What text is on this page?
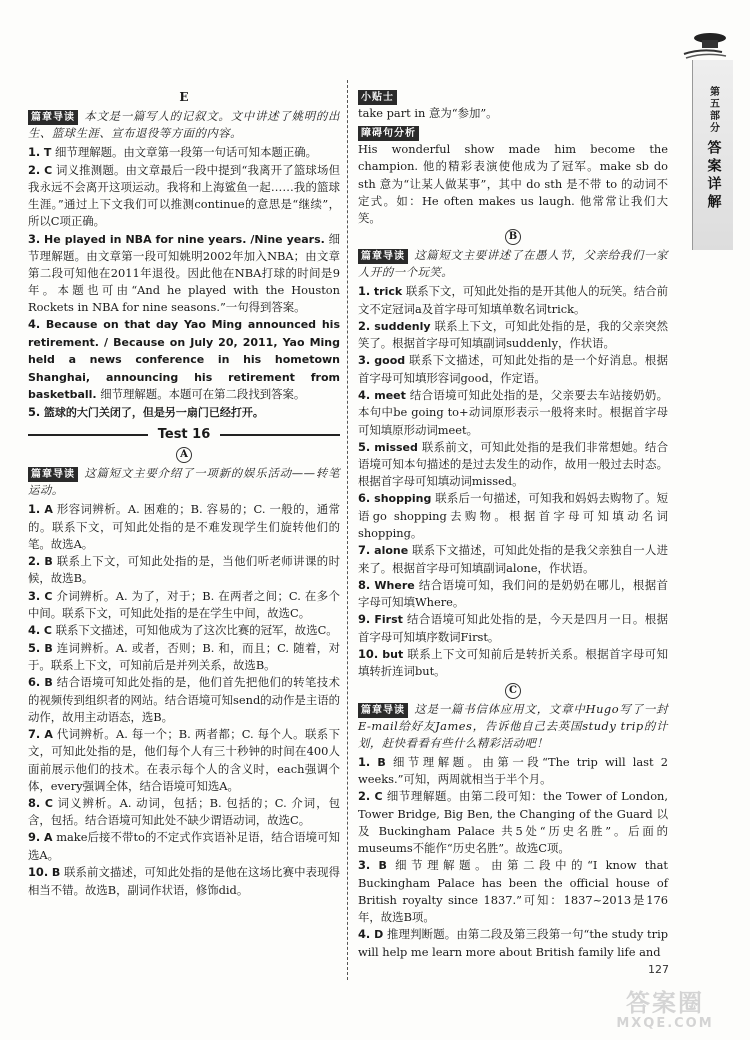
第五部分
答案详解
E

篇章导读 本文是一篇写人的记叙文。文中讲述了姚明的出生、篮球生涯、宣布退役等方面的内容。

1. T 细节理解题。由文章第一段第一句话可知本题正确。

2. C 词义推测题。由文章最后一段中提到“我离开了篮球场但我永远不会离开这项运动。我将和上海鲨鱼一起……我的篮球生涯。”通过上下文我们可以推测continue的意思是“继续”，所以C项正确。

3. He played in NBA for nine years. /Nine years. 细节理解题。由文章第一段可知姚明2002年加入NBA；由文章第二段可知他在2011年退役。因此他在NBA打球的时间是9年。本题也可由“And he played with the Houston Rockets in NBA for nine seasons.”一句得到答案。

4. Because on that day Yao Ming announced his retirement. / Because on July 20, 2011, Yao Ming held a news conference in his hometown Shanghai, announcing his retirement from basketball. 细节理解题。本题可在第二段找到答案。

5. 篮球的大门关闭了，但是另一扇门已经打开。

Test 16
A

篇章导读 这篇短文主要介绍了一项新的娱乐活动——转笔运动。

1. A 形容词辨析。A. 困难的；B. 容易的；C. 一般的，通常的。联系下文，可知此处指的是不难发现学生们旋转他们的笔。故选A。

2. B 联系上下文，可知此处指的是，当他们听老师讲课的时候，故选B。

3. C 介词辨析。A. 为了，对于；B. 在两者之间；C. 在多个中间。联系下文，可知此处指的是在学生中间，故选C。

4. C 联系下文描述，可知他成为了这次比赛的冠军，故选C。

5. B 连词辨析。A. 或者，否则；B. 和，而且；C. 随着，对于。联系上下文，可知前后是并列关系，故选B。

6. B 结合语境可知此处指的是，他们首先把他们的转笔技术的视频传到组织者的网站。结合语境可知send的动作是主语的动作，故用主动语态，选B。

7. A 代词辨析。A. 每一个；B. 两者都；C. 每个人。联系下文，可知此处指的是，他们每个人有三十秒钟的时间在400人面前展示他们的技术。在表示每个人的含义时，each强调个体，every强调全体，结合语境可知选A。

8. C 词义辨析。A. 动词，包括；B. 包括的；C. 介词，包含，包括。结合语境可知此处不缺少谓语动词，故选C。

9. A make后接不带to的不定式作宾语补足语，结合语境可知选A。

10. B 联系前文描述，可知此处指的是他在这场比赛中表现得相当不错。故选B，副词作状语，修饰did。

小贴士
take part in 意为“参加”。

障碍句分析
His wonderful show made him become the champion. 他的精彩表演使他成为了冠军。make sb do sth 意为“让某人做某事”，其中 do sth 是不带 to 的动词不定式。如：He often makes us laugh. 他常常让我们大笑。

B

篇章导读 这篇短文主要讲述了在愚人节，父亲给我们一家人开的一个玩笑。

1. trick 联系下文，可知此处指的是开其他人的玩笑。结合前文不定冠词a及首字母可知填单数名词trick。

2. suddenly 联系上下文，可知此处指的是，我的父亲突然笑了。根据首字母可知填副词suddenly，作状语。

3. good 联系下文描述，可知此处指的是一个好消息。根据首字母可知填形容词good，作定语。

4. meet 结合语境可知此处指的是，父亲要去车站接奶奶。本句中be going to+动词原形表示一般将来时。根据首字母可知填原形动词meet。

5. missed 联系前文，可知此处指的是我们非常想她。结合语境可知本句描述的是过去发生的动作，故用一般过去时态。根据首字母可知填动词missed。

6. shopping 联系后一句描述，可知我和妈妈去购物了。短语go shopping去购物。根据首字母可知填动名词shopping。

7. alone 联系下文描述，可知此处指的是我父亲独自一人进来了。根据首字母可知填副词alone，作状语。

8. Where 结合语境可知，我们问的是奶奶在哪儿，根据首字母可知填Where。

9. First 结合语境可知此处指的是，今天是四月一日。根据首字母可知填序数词First。

10. but 联系上下文可知前后是转折关系。根据首字母可知填转折连词but。

C

篇章导读 这是一篇书信体应用文，文章中Hugo写了一封E-mail给好友James，告诉他自己去英国study trip的计划，赶快看看有些什么精彩活动吧！

1. B 细节理解题。由第一段“The trip will last 2 weeks.”可知，两周就相当于半个月。

2. C 细节理解题。由第二段可知：the Tower of London, Tower Bridge, Big Ben, the Changing of the Guard 以及 Buckingham Palace 共5处“历史名胜”。后面的museums不能作“历史名胜”。故选C项。

3. B 细节理解题。由第二段中的“I know that Buckingham Palace has been the official house of British royalty since 1837.”可知：1837~2013是176年，故选B项。

4. D 推理判断题。由第二段及第三段第一句“the study trip will help me learn more about British family life and

127
答案圈
MXQE.COM
